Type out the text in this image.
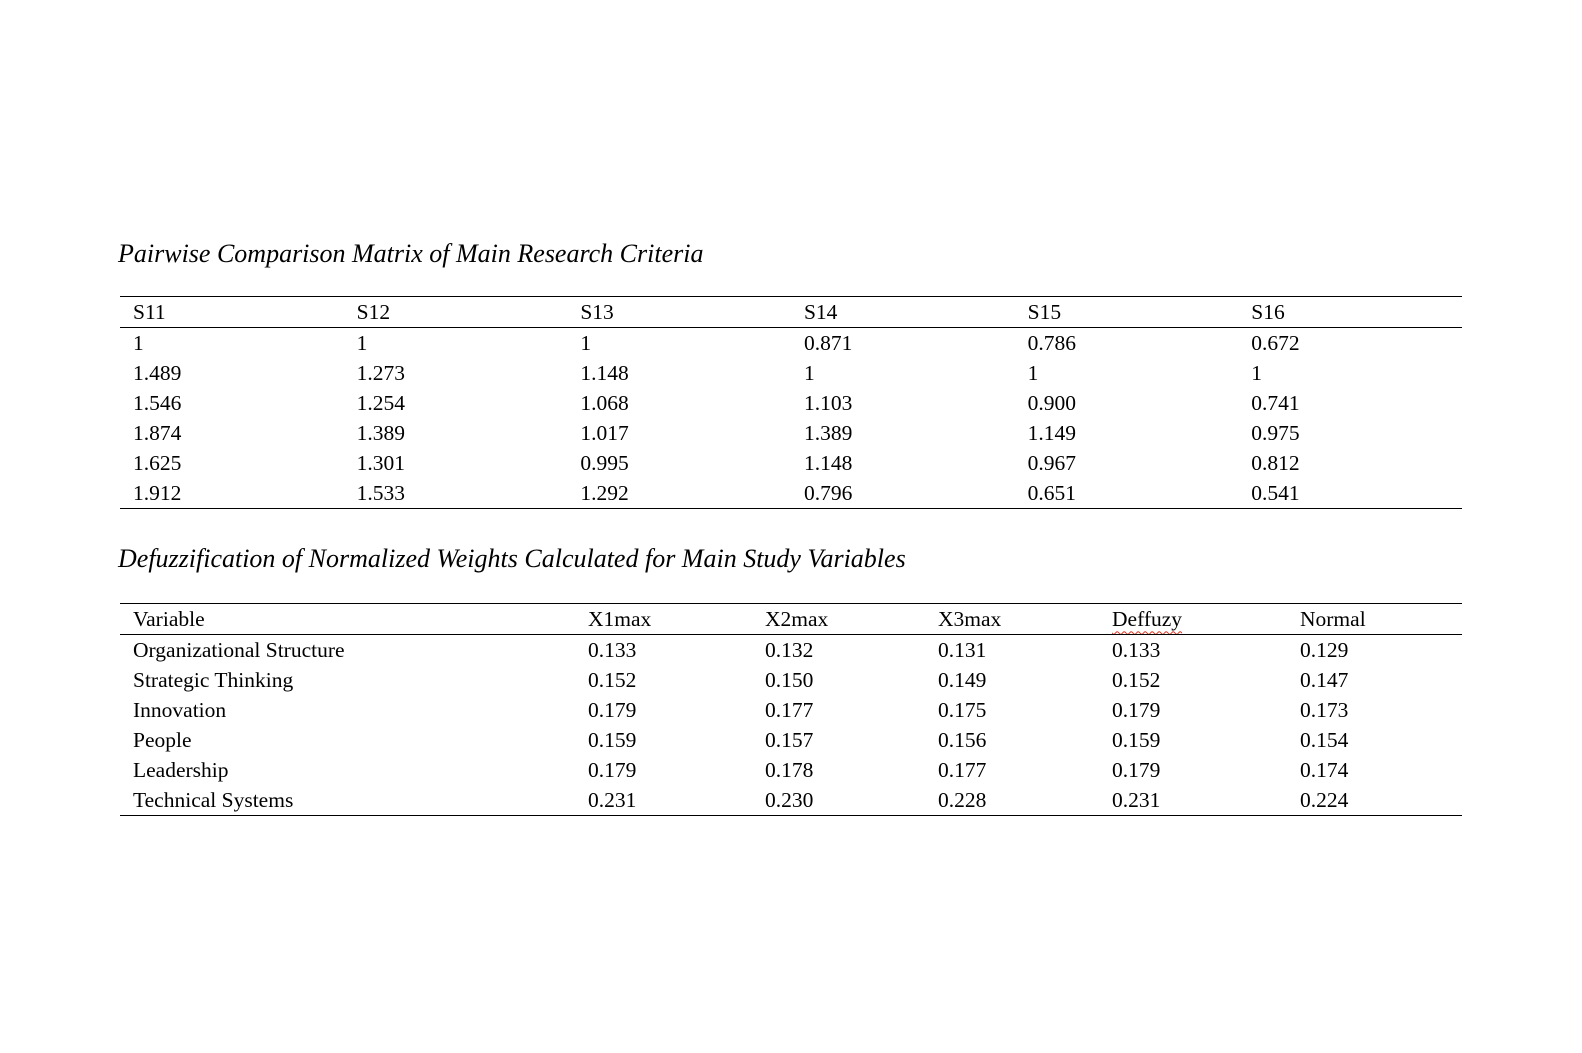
Pairwise Comparison Matrix of Main Research Criteria
S11	S12	S13	S14	S15	S16
1	1	1	0.871	0.786	0.672
1.489	1.273	1.148	1	1	1
1.546	1.254	1.068	1.103	0.900	0.741
1.874	1.389	1.017	1.389	1.149	0.975
1.625	1.301	0.995	1.148	0.967	0.812
1.912	1.533	1.292	0.796	0.651	0.541
Defuzzification of Normalized Weights Calculated for Main Study Variables
Variable	X1max	X2max	X3max	Deffuzy	Normal
Organizational Structure	0.133	0.132	0.131	0.133	0.129
Strategic Thinking	0.152	0.150	0.149	0.152	0.147
Innovation	0.179	0.177	0.175	0.179	0.173
People	0.159	0.157	0.156	0.159	0.154
Leadership	0.179	0.178	0.177	0.179	0.174
Technical Systems	0.231	0.230	0.228	0.231	0.224
